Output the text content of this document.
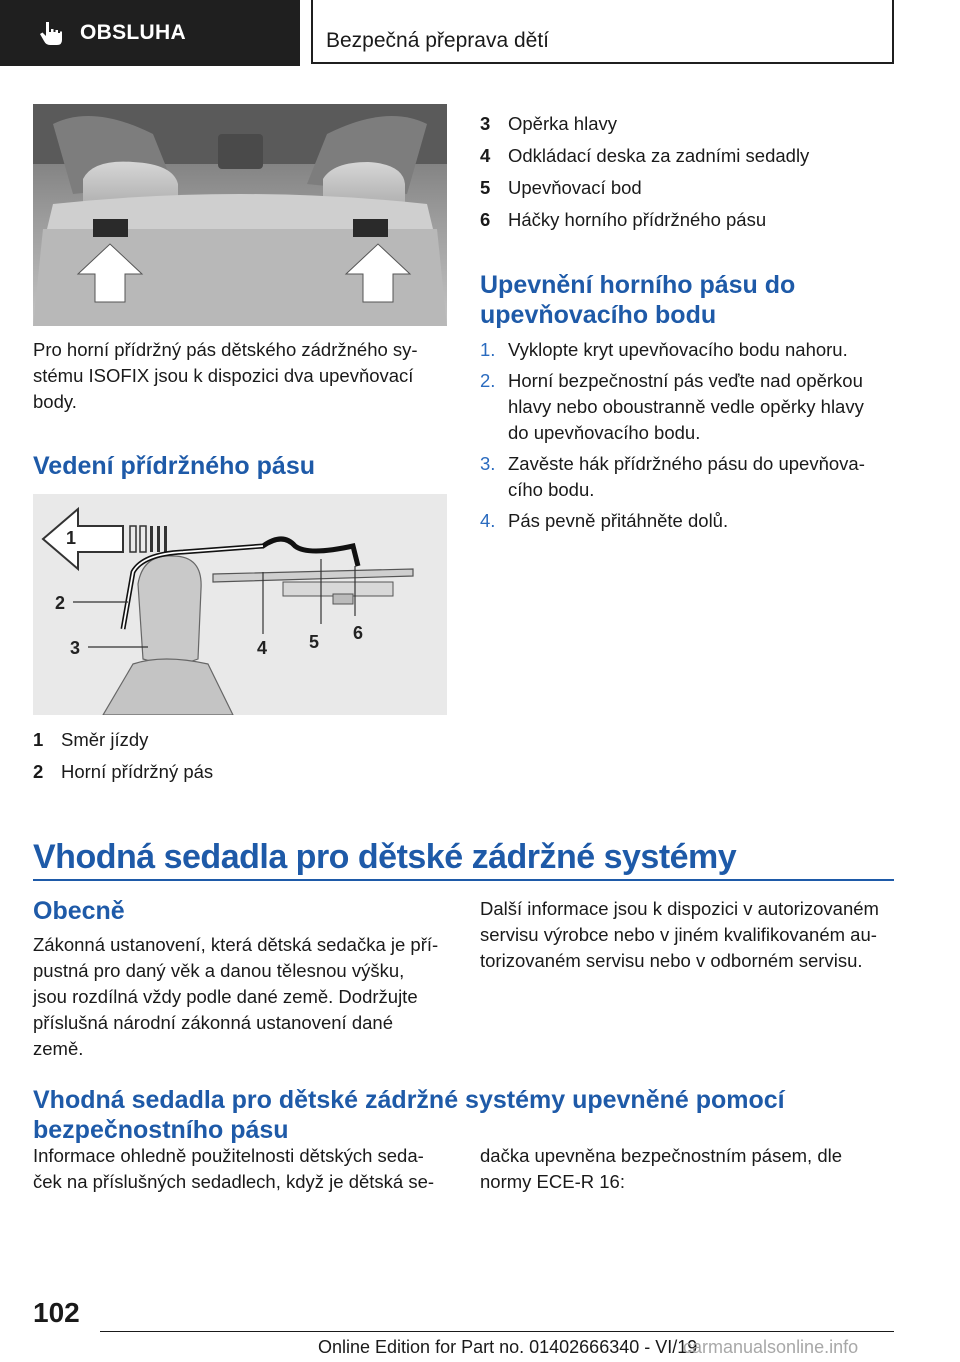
OBSLUHA	Bezpečná přeprava dětí
Pro horní přídržný pás dětského zádržného sy-
stému ISOFIX jsou k dispozici dva upevňovací
body.
Vedení přídržného pásu
1
2
3	4 5 6
1 Směr jízdy
2 Horní přídržný pás
3 Opěrka hlavy
4 Odkládací deska za zadními sedadly
5 Upevňovací bod
6 Háčky horního přídržného pásu
Upevnění horního pásu do
upevňovacího bodu
1. Vyklopte kryt upevňovacího bodu nahoru.
2. Horní bezpečnostní pás veďte nad opěrkou
hlavy nebo oboustranně vedle opěrky hlavy
do upevňovacího bodu.
3. Zavěste hák přídržného pásu do upevňova-
cího bodu.
4. Pás pevně přitáhněte dolů.
Vhodná sedadla pro dětské zádržné systémy
Obecně
Zákonná ustanovení, která dětská sedačka je pří-
pustná pro daný věk a danou tělesnou výšku,
jsou rozdílná vždy podle dané země. Dodržujte
příslušná národní zákonná ustanovení dané
země.
Další informace jsou k dispozici v autorizovaném
servisu výrobce nebo v jiném kvalifikovaném au-
torizovaném servisu nebo v odborném servisu.
Vhodná sedadla pro dětské zádržné systémy upevněné pomocí
bezpečnostního pásu
Informace ohledně použitelnosti dětských seda-
ček na příslušných sedadlech, když je dětská se-
dačka upevněna bezpečnostním pásem, dle
normy ECE-R 16:
102
Online Edition for Part no. 01402666340 - VI/19
carmanualsonline.info
